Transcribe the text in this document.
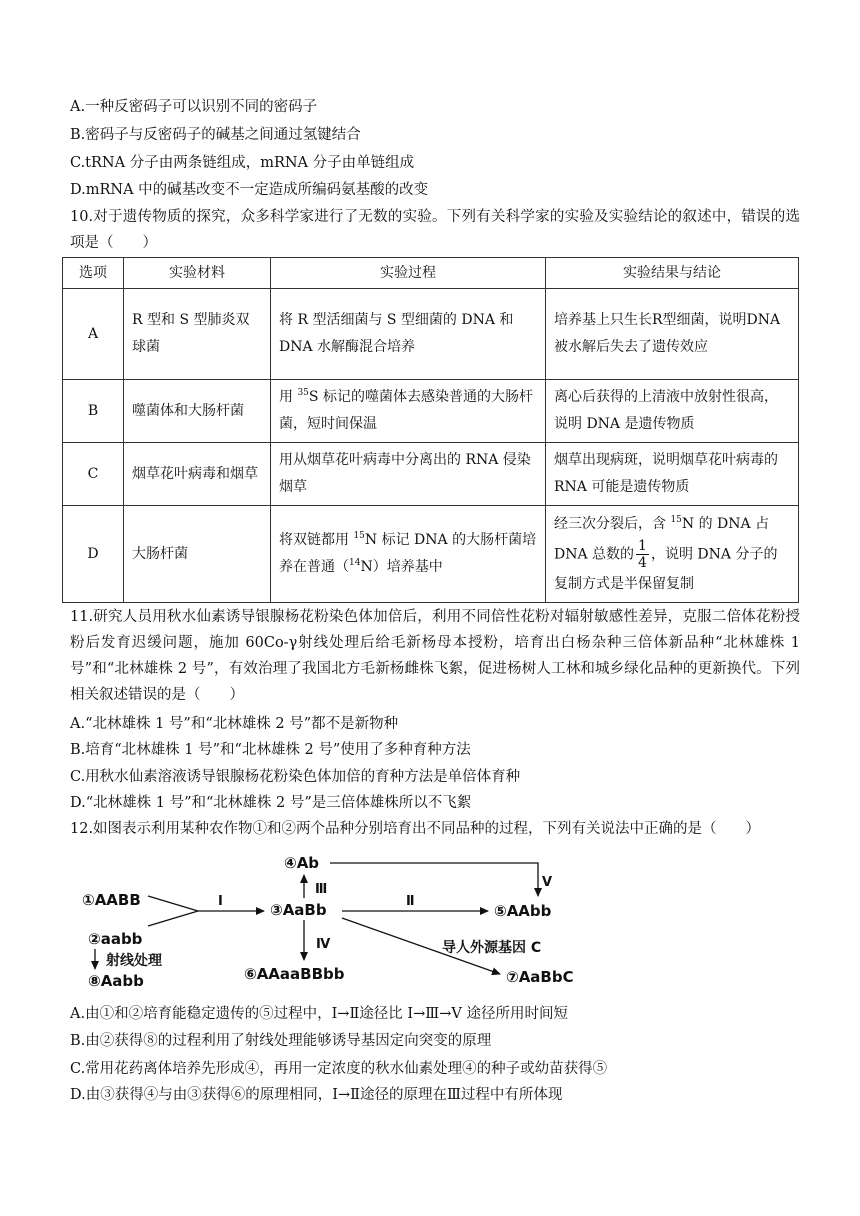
A.一种反密码子可以识别不同的密码子
B.密码子与反密码子的碱基之间通过氢键结合
C.tRNA 分子由两条链组成，mRNA 分子由单链组成
D.mRNA 中的碱基改变不一定造成所编码氨基酸的改变
10.对于遗传物质的探究，众多科学家进行了无数的实验。下列有关科学家的实验及实验结论的叙述中，错误的选项是（　　）
选项	实验材料	实验过程	实验结果与结论
A	R 型和 S 型肺炎双球菌	将 R 型活细菌与 S 型细菌的 DNA 和 DNA 水解酶混合培养	培养基上只生长R型细菌，说明DNA被水解后失去了遗传效应
B	噬菌体和大肠杆菌	用 $^{35}$S 标记的噬菌体去感染普通的大肠杆菌，短时间保温	离心后获得的上清液中放射性很高，说明 DNA 是遗传物质
C	烟草花叶病毒和烟草	用从烟草花叶病毒中分离出的 RNA 侵染烟草	烟草出现病斑，说明烟草花叶病毒的 RNA 可能是遗传物质
D	大肠杆菌	将双链都用 $^{15}$N 标记 DNA 的大肠杆菌培养在普通（$^{14}$N）培养基中	经三次分裂后，含 $^{15}$N 的 DNA 占 DNA 总数的 $\frac{1}{4}$ ，说明 DNA 分子的复制方式是半保留复制
11.研究人员用秋水仙素诱导银腺杨花粉染色体加倍后，利用不同倍性花粉对辐射敏感性差异，克服二倍体花粉授粉后发育迟缓问题，施加 60Co-γ射线处理后给毛新杨母本授粉，培育出白杨杂种三倍体新品种“北林雄株 1 号”和“北林雄株 2 号”，有效治理了我国北方毛新杨雌株飞絮，促进杨树人工林和城乡绿化品种的更新换代。下列相关叙述错误的是（　　）
A.“北林雄株 1 号”和“北林雄株 2 号”都不是新物种
B.培育“北林雄株 1 号”和“北林雄株 2 号”使用了多种育种方法
C.用秋水仙素溶液诱导银腺杨花粉染色体加倍的育种方法是单倍体育种
D.“北林雄株 1 号”和“北林雄株 2 号”是三倍体雄株所以不飞絮
12.如图表示利用某种农作物①和②两个品种分别培育出不同品种的过程，下列有关说法中正确的是（　　）
①AABB
②aabb
⑧Aabb
③AaBb
④Ab
⑤AAbb
⑥AAaaBBbb	⑦AaBbC
I
Ⅲ	V
Ⅱ
Ⅳ	导人外源基因 C
射线处理
A.由①和②培育能稳定遗传的⑤过程中，I→Ⅱ途径比 I→Ⅲ→V 途径所用时间短
B.由②获得⑧的过程利用了射线处理能够诱导基因定向突变的原理
C.常用花药离体培养先形成④，再用一定浓度的秋水仙素处理④的种子或幼苗获得⑤
D.由③获得④与由③获得⑥的原理相同，I→Ⅱ途径的原理在Ⅲ过程中有所体现
